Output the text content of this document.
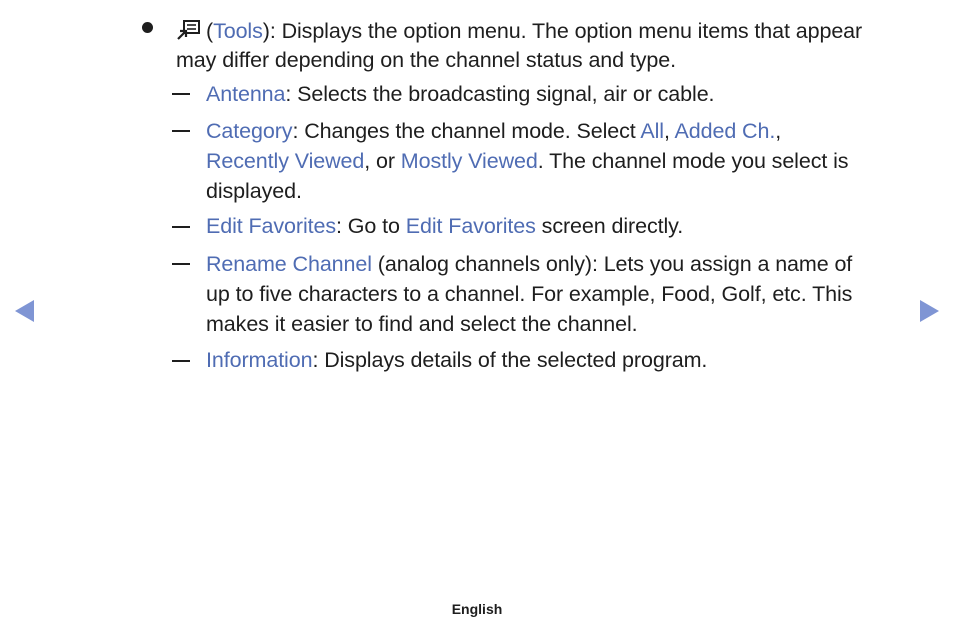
(Tools): Displays the option menu. The option menu items that appear
may differ depending on the channel status and type.
Antenna: Selects the broadcasting signal, air or cable.
Category: Changes the channel mode. Select All, Added Ch.,
Recently Viewed, or Mostly Viewed. The channel mode you select is
displayed.
Edit Favorites: Go to Edit Favorites screen directly.
Rename Channel (analog channels only): Lets you assign a name of
up to five characters to a channel. For example, Food, Golf, etc. This
makes it easier to find and select the channel.
Information: Displays details of the selected program.
English
